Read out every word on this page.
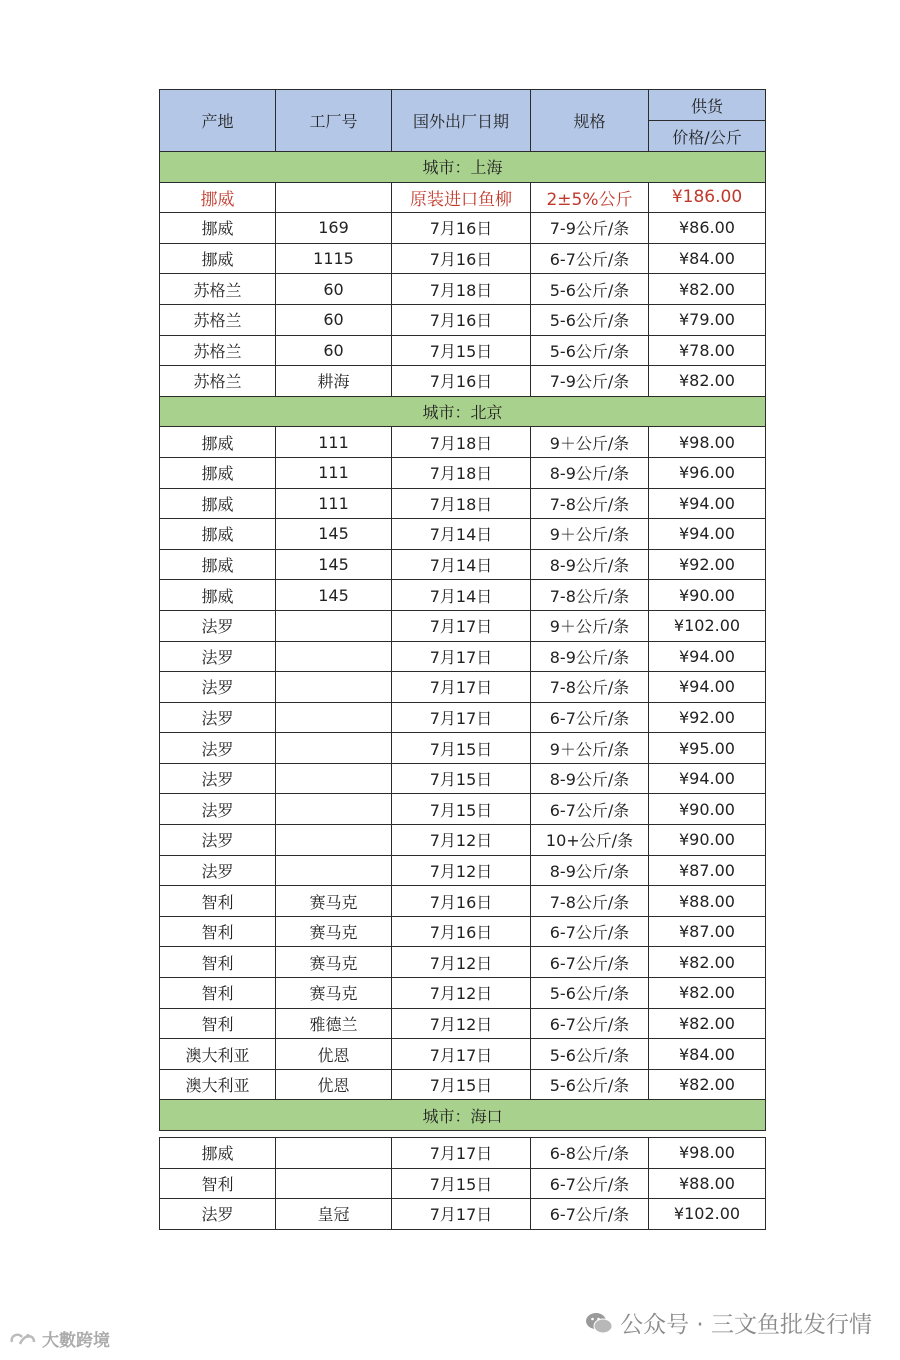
产地	工厂号	国外出厂日期	规格	供货
				价格/公斤
城市：上海				
挪威		原装进口鱼柳	2±5%公斤	¥186.00
挪威	169	7月16日	7-9公斤/条	¥86.00
挪威	1115	7月16日	6-7公斤/条	¥84.00
苏格兰	60	7月18日	5-6公斤/条	¥82.00
苏格兰	60	7月16日	5-6公斤/条	¥79.00
苏格兰	60	7月15日	5-6公斤/条	¥78.00
苏格兰	耕海	7月16日	7-9公斤/条	¥82.00
城市：北京				
挪威	111	7月18日	9＋公斤/条	¥98.00
挪威	111	7月18日	8-9公斤/条	¥96.00
挪威	111	7月18日	7-8公斤/条	¥94.00
挪威	145	7月14日	9＋公斤/条	¥94.00
挪威	145	7月14日	8-9公斤/条	¥92.00
挪威	145	7月14日	7-8公斤/条	¥90.00
法罗		7月17日	9＋公斤/条	¥102.00
法罗		7月17日	8-9公斤/条	¥94.00
法罗		7月17日	7-8公斤/条	¥94.00
法罗		7月17日	6-7公斤/条	¥92.00
法罗		7月15日	9＋公斤/条	¥95.00
法罗		7月15日	8-9公斤/条	¥94.00
法罗		7月15日	6-7公斤/条	¥90.00
法罗		7月12日	10+公斤/条	¥90.00
法罗		7月12日	8-9公斤/条	¥87.00
智利	赛马克	7月16日	7-8公斤/条	¥88.00
智利	赛马克	7月16日	6-7公斤/条	¥87.00
智利	赛马克	7月12日	6-7公斤/条	¥82.00
智利	赛马克	7月12日	5-6公斤/条	¥82.00
智利	雅德兰	7月12日	6-7公斤/条	¥82.00
澳大利亚	优恩	7月17日	5-6公斤/条	¥84.00
澳大利亚	优恩	7月15日	5-6公斤/条	¥82.00
城市：海口				

挪威		7月17日	6-8公斤/条	¥98.00
智利		7月15日	6-7公斤/条	¥88.00
法罗	皇冠	7月17日	6-7公斤/条	¥102.00
大數跨境
公众号 · 三文鱼批发行情
